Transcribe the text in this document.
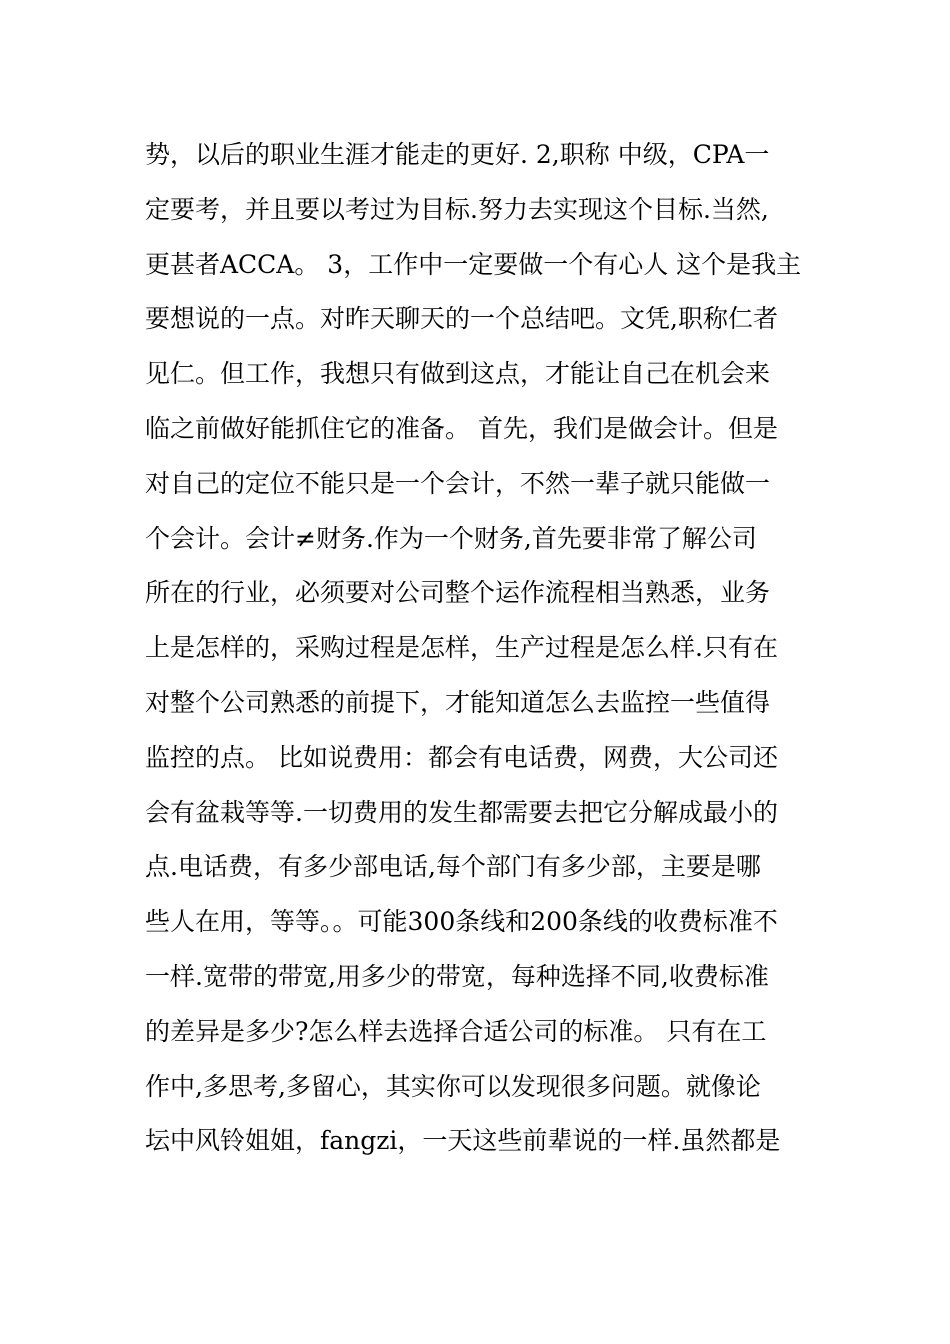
势，以后的职业生涯才能走的更好. 2,职称 中级，CPA一
定要考，并且要以考过为目标.努力去实现这个目标.当然,
更甚者ACCA。 3，工作中一定要做一个有心人 这个是我主
要想说的一点。对昨天聊天的一个总结吧。文凭,职称仁者
见仁。但工作，我想只有做到这点，才能让自己在机会来
临之前做好能抓住它的准备。 首先，我们是做会计。但是
对自己的定位不能只是一个会计，不然一辈子就只能做一
个会计。会计≠财务.作为一个财务,首先要非常了解公司
所在的行业，必须要对公司整个运作流程相当熟悉，业务
上是怎样的，采购过程是怎样，生产过程是怎么样.只有在
对整个公司熟悉的前提下，才能知道怎么去监控一些值得
监控的点。 比如说费用：都会有电话费，网费，大公司还
会有盆栽等等.一切费用的发生都需要去把它分解成最小的
点.电话费，有多少部电话,每个部门有多少部，主要是哪
些人在用，等等。。可能300条线和200条线的收费标准不
一样.宽带的带宽,用多少的带宽，每种选择不同,收费标准
的差异是多少?怎么样去选择合适公司的标准。 只有在工
作中,多思考,多留心，其实你可以发现很多问题。就像论
坛中风铃姐姐，fangzi，一天这些前辈说的一样.虽然都是
